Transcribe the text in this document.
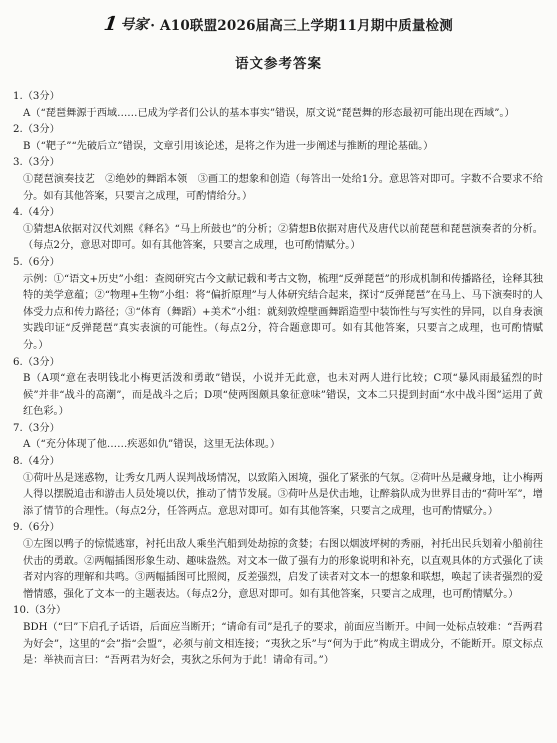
1 号家 · A10联盟2026届高三上学期11月期中质量检测
语文参考答案

1.（3分）

A（“琵琶舞源于西域……已成为学者们公认的基本事实”错误，原文说“琵琶舞的形态最初可能出现在西域”。）

2.（3分）

B（“靶子”“先破后立”错误，文章引用该论述，是将之作为进一步阐述与推断的理论基础。）

3.（3分）

①琵琶演奏技艺　②绝妙的舞蹈本领　③画工的想象和创造（每答出一处给1分。意思答对即可。字数不合要求不给分。如有其他答案，只要言之成理，可酌情给分。）

4.（4分）

①猜想A依据对汉代刘熙《释名》“马上所鼓也”的分析；②猜想B依据对唐代及唐代以前琵琶和琵琶演奏者的分析。（每点2分，意思对即可。如有其他答案，只要言之成理，也可酌情赋分。）

5.（6分）

示例：①“语文+历史”小组：查阅研究古今文献记载和考古文物，梳理“反弹琵琶”的形成机制和传播路径，诠释其独特的美学意蕴；②“物理+生物”小组：将“偏折原理”与人体研究结合起来，探讨“反弹琵琶”在马上、马下演奏时的人体受力点和传力路径；③“体育（舞蹈）+美术”小组：就刻敦煌壁画舞蹈造型中装饰性与写实性的异同，以自身表演实践印证“反弹琵琶”真实表演的可能性。（每点2分，符合题意即可。如有其他答案，只要言之成理，也可酌情赋分。）

6.（3分）

B（A项“意在表明钱北小梅更活泼和勇敢”错误，小说并无此意，也未对两人进行比较；C项“暴风雨最猛烈的时候”并非“战斗的高潮”，而是战斗之后；D项“使两图颇具象征意味”错误，文本二只提到封面“水中战斗图”运用了黄红色彩。）

7.（3分）

A（“充分体现了他……疾恶如仇”错误，这里无法体现。）

8.（4分）

①荷叶丛是迷惑物，让秀女几两人误判战场情况，以致陷入困境，强化了紧张的气氛。②荷叶丛是藏身地，让小梅两人得以摆脱追击和游击人员处境以伏，推动了情节发展。③荷叶丛是伏击地，让醉翁队成为世界目击的“荷叶军”，增添了情节的合理性。（每点2分，任答两点。意思对即可。如有其他答案，只要言之成理，也可酌情赋分。）

9.（6分）

①左图以鸭子的惊慌逃窜，衬托出敌人乘坐汽船到处劫掠的贪婪；右图以烟波坪树的秀丽，衬托出民兵划着小船前往伏击的勇敢。②两幅插图形象生动、趣味盎然。对文本一做了强有力的形象说明和补充，以直观具体的方式强化了读者对内容的理解和共鸣。③两幅插图可比照阅，反差强烈，启发了读者对文本一的想象和联想，唤起了读者强烈的爱憎情感，强化了文本一的主题表达。（每点2分，意思对即可。如有其他答案，只要言之成理，也可酌情赋分。）

10.（3分）

BDH（“曰”下启孔子话语，后面应当断开；“请命有司”是孔子的要求，前面应当断开。中间一处标点较难：“吾两君为好会”，这里的“会”指“会盟”，必须与前文相连接；“夷狄之乐”与“何为于此”构成主谓成分，不能断开。原文标点是：举袂而言曰：“吾两君为好会，夷狄之乐何为于此！请命有司。”）
